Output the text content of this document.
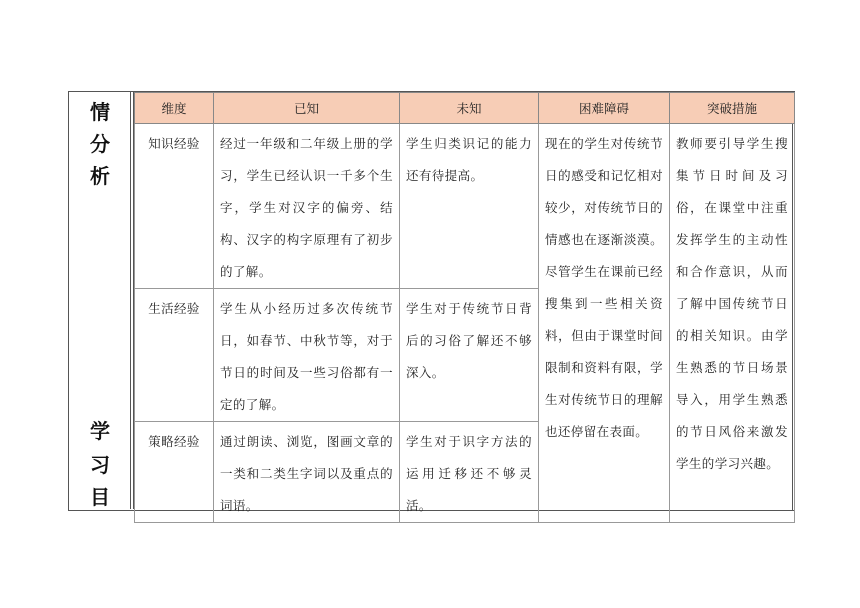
情
分
析
学
习
目
维度	已知	未知	困难障碍	突破措施
知识经验	经过一年级和二年级上册的学习，学生已经认识一千多个生字，学生对汉字的偏旁、结构、汉字的构字原理有了初步的了解。	学生归类识记的能力还有待提高。	现在的学生对传统节日的感受和记忆相对较少，对传统节日的情感也在逐渐淡漠。尽管学生在课前已经搜集到一些相关资料，但由于课堂时间限制和资料有限，学生对传统节日的理解也还停留在表面。	教师要引导学生搜集节日时间及习俗，在课堂中注重发挥学生的主动性和合作意识，从而了解中国传统节日的相关知识。由学生熟悉的节日场景导入，用学生熟悉的节日风俗来激发学生的学习兴趣。
生活经验	学生从小经历过多次传统节日，如春节、中秋节等，对于节日的时间及一些习俗都有一定的了解。	学生对于传统节日背后的习俗了解还不够深入。		
策略经验	通过朗读、浏览，图画文章的一类和二类生字词以及重点的词语。	学生对于识字方法的运用迁移还不够灵活。		
